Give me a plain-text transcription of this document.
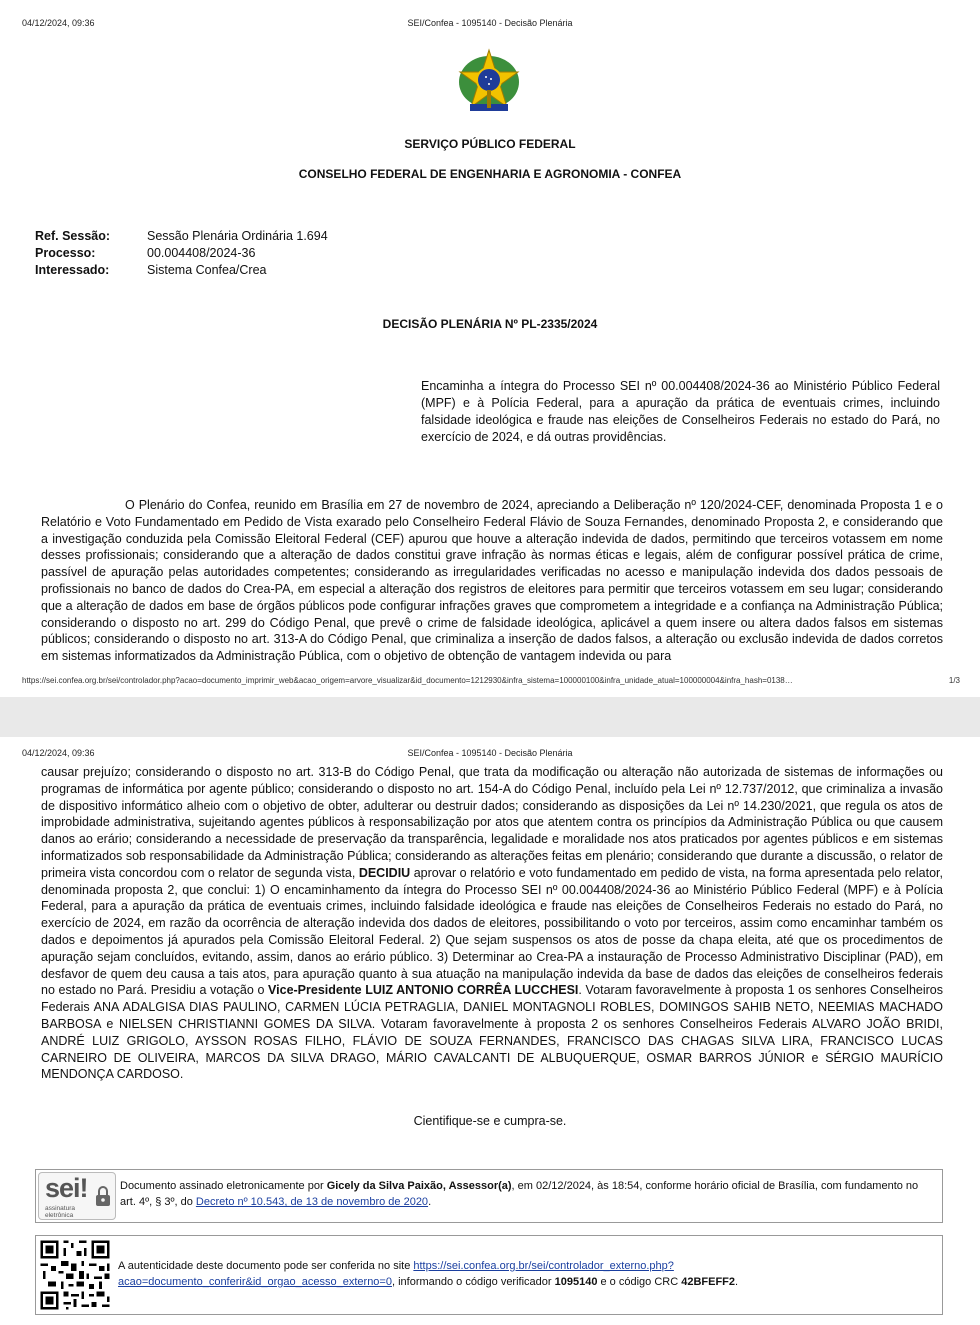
04/12/2024, 09:36	SEI/Confea - 1095140 - Decisão Plenária
SERVIÇO PÚBLICO FEDERAL
CONSELHO FEDERAL DE ENGENHARIA E AGRONOMIA - CONFEA
Ref. Sessão:	Sessão Plenária Ordinária 1.694
Processo:	00.004408/2024-36
Interessado:	Sistema Confea/Crea
DECISÃO PLENÁRIA Nº PL-2335/2024
Encaminha a íntegra do Processo SEI nº 00.004408/2024-36 ao Ministério Público Federal (MPF) e à Polícia Federal, para a apuração da prática de eventuais crimes, incluindo falsidade ideológica e fraude nas eleições de Conselheiros Federais no estado do Pará, no exercício de 2024, e dá outras providências.
O Plenário do Confea, reunido em Brasília em 27 de novembro de 2024, apreciando a Deliberação nº 120/2024-CEF, denominada Proposta 1 e o Relatório e Voto Fundamentado em Pedido de Vista exarado pelo Conselheiro Federal Flávio de Souza Fernandes, denominado Proposta 2, e considerando que a investigação conduzida pela Comissão Eleitoral Federal (CEF) apurou que houve a alteração indevida de dados, permitindo que terceiros votassem em nome desses profissionais; considerando que a alteração de dados constitui grave infração às normas éticas e legais, além de configurar possível prática de crime, passível de apuração pelas autoridades competentes; considerando as irregularidades verificadas no acesso e manipulação indevida dos dados pessoais de profissionais no banco de dados do Crea-PA, em especial a alteração dos registros de eleitores para permitir que terceiros votassem em seu lugar; considerando que a alteração de dados em base de órgãos públicos pode configurar infrações graves que comprometem a integridade e a confiança na Administração Pública; considerando o disposto no art. 299 do Código Penal, que prevê o crime de falsidade ideológica, aplicável a quem insere ou altera dados falsos em sistemas públicos; considerando o disposto no art. 313-A do Código Penal, que criminaliza a inserção de dados falsos, a alteração ou exclusão indevida de dados corretos em sistemas informatizados da Administração Pública, com o objetivo de obtenção de vantagem indevida ou para
https://sei.confea.org.br/sei/controlador.php?acao=documento_imprimir_web&acao_origem=arvore_visualizar&id_documento=1212930&infra_sistema=100000100&infra_unidade_atual=100000004&infra_hash=0138…	1/3
04/12/2024, 09:36	SEI/Confea - 1095140 - Decisão Plenária
causar prejuízo; considerando o disposto no art. 313-B do Código Penal, que trata da modificação ou alteração não autorizada de sistemas de informações ou programas de informática por agente público; considerando o disposto no art. 154-A do Código Penal, incluído pela Lei nº 12.737/2012, que criminaliza a invasão de dispositivo informático alheio com o objetivo de obter, adulterar ou destruir dados; considerando as disposições da Lei nº 14.230/2021, que regula os atos de improbidade administrativa, sujeitando agentes públicos à responsabilização por atos que atentem contra os princípios da Administração Pública ou que causem danos ao erário; considerando a necessidade de preservação da transparência, legalidade e moralidade nos atos praticados por agentes públicos e em sistemas informatizados sob responsabilidade da Administração Pública; considerando as alterações feitas em plenário; considerando que durante a discussão, o relator de primeira vista concordou com o relator de segunda vista, DECIDIU aprovar o relatório e voto fundamentado em pedido de vista, na forma apresentada pelo relator, denominada proposta 2, que conclui: 1) O encaminhamento da íntegra do Processo SEI nº 00.004408/2024-36 ao Ministério Público Federal (MPF) e à Polícia Federal, para a apuração da prática de eventuais crimes, incluindo falsidade ideológica e fraude nas eleições de Conselheiros Federais no estado do Pará, no exercício de 2024, em razão da ocorrência de alteração indevida dos dados de eleitores, possibilitando o voto por terceiros, assim como encaminhar também os dados e depoimentos já apurados pela Comissão Eleitoral Federal. 2) Que sejam suspensos os atos de posse da chapa eleita, até que os procedimentos de apuração sejam concluídos, evitando, assim, danos ao erário público. 3) Determinar ao Crea-PA a instauração de Processo Administrativo Disciplinar (PAD), em desfavor de quem deu causa a tais atos, para apuração quanto à sua atuação na manipulação indevida da base de dados das eleições de conselheiros federais no estado no Pará. Presidiu a votação o Vice-Presidente LUIZ ANTONIO CORRÊA LUCCHESI. Votaram favoravelmente à proposta 1 os senhores Conselheiros Federais ANA ADALGISA DIAS PAULINO, CARMEN LÚCIA PETRAGLIA, DANIEL MONTAGNOLI ROBLES, DOMINGOS SAHIB NETO, NEEMIAS MACHADO BARBOSA e NIELSEN CHRISTIANNI GOMES DA SILVA. Votaram favoravelmente à proposta 2 os senhores Conselheiros Federais ALVARO JOÃO BRIDI, ANDRÉ LUIZ GRIGOLO, AYSSON ROSAS FILHO, FLÁVIO DE SOUZA FERNANDES, FRANCISCO DAS CHAGAS SILVA LIRA, FRANCISCO LUCAS CARNEIRO DE OLIVEIRA, MARCOS DA SILVA DRAGO, MÁRIO CAVALCANTI DE ALBUQUERQUE, OSMAR BARROS JÚNIOR e SÉRGIO MAURÍCIO MENDONÇA CARDOSO.
Cientifique-se e cumpra-se.
sei!
assinatura eletrônica
Documento assinado eletronicamente por Gicely da Silva Paixão, Assessor(a), em 02/12/2024, às 18:54, conforme horário oficial de Brasília, com fundamento no art. 4º, § 3º, do Decreto nº 10.543, de 13 de novembro de 2020.
A autenticidade deste documento pode ser conferida no site https://sei.confea.org.br/sei/controlador_externo.php?acao=documento_conferir&id_orgao_acesso_externo=0, informando o código verificador 1095140 e o código CRC 42BFEFF2.
